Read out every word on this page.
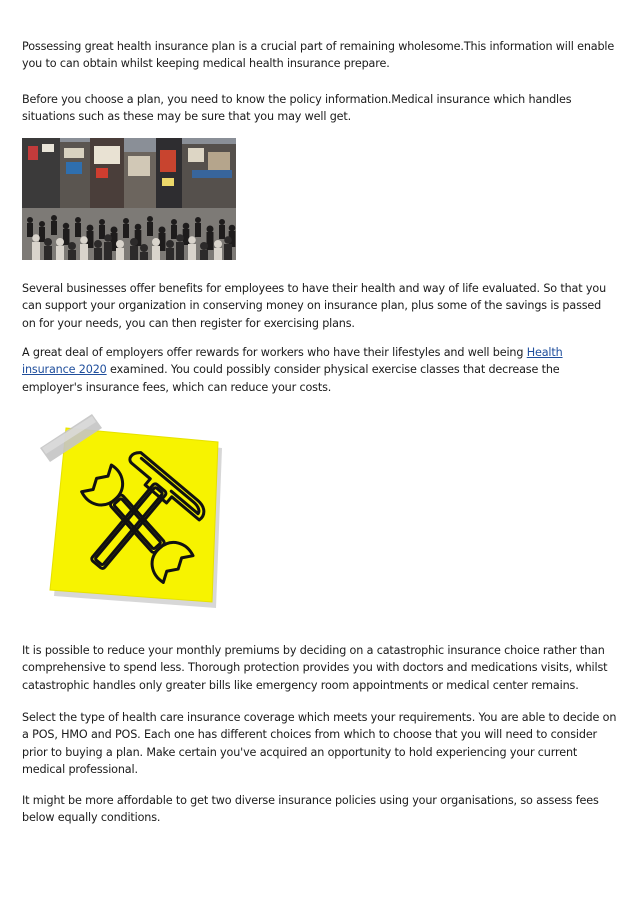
Possessing great health insurance plan is a crucial part of remaining wholesome.This information will enable you to can obtain whilst keeping medical health insurance prepare.

Before you choose a plan, you need to know the policy information.Medical insurance which handles situations such as these may be sure that you may well get.

Several businesses offer benefits for employees to have their health and way of life evaluated. So that you can support your organization in conserving money on insurance plan, plus some of the savings is passed on for your needs, you can then register for exercising plans.

A great deal of employers offer rewards for workers who have their lifestyles and well being Health insurance 2020 examined. You could possibly consider physical exercise classes that decrease the employer's insurance fees, which can reduce your costs.

It is possible to reduce your monthly premiums by deciding on a catastrophic insurance choice rather than comprehensive to spend less. Thorough protection provides you with doctors and medications visits, whilst catastrophic handles only greater bills like emergency room appointments or medical center remains.

Select the type of health care insurance coverage which meets your requirements. You are able to decide on a POS, HMO and POS. Each one has different choices from which to choose that you will need to consider prior to buying a plan. Make certain you've acquired an opportunity to hold experiencing your current medical professional.

It might be more affordable to get two diverse insurance policies using your organisations, so assess fees below equally conditions.
